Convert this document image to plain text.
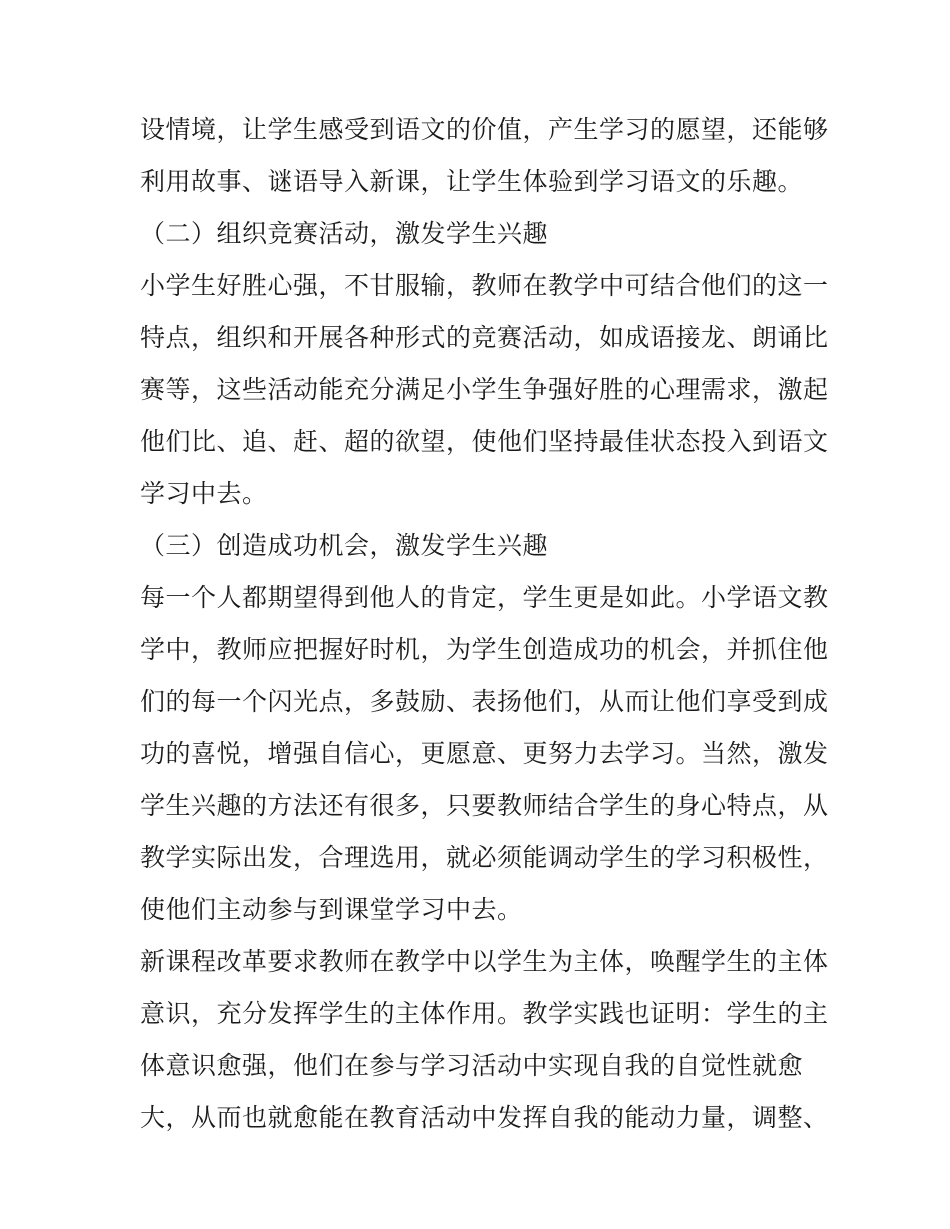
设情境，让学生感受到语文的价值，产生学习的愿望，还能够
利用故事、谜语导入新课，让学生体验到学习语文的乐趣。
（二）组织竞赛活动，激发学生兴趣
小学生好胜心强，不甘服输，教师在教学中可结合他们的这一
特点，组织和开展各种形式的竞赛活动，如成语接龙、朗诵比
赛等，这些活动能充分满足小学生争强好胜的心理需求，激起
他们比、追、赶、超的欲望，使他们坚持最佳状态投入到语文
学习中去。
（三）创造成功机会，激发学生兴趣
每一个人都期望得到他人的肯定，学生更是如此。小学语文教
学中，教师应把握好时机，为学生创造成功的机会，并抓住他
们的每一个闪光点，多鼓励、表扬他们，从而让他们享受到成
功的喜悦，增强自信心，更愿意、更努力去学习。当然，激发
学生兴趣的方法还有很多，只要教师结合学生的身心特点，从
教学实际出发，合理选用，就必须能调动学生的学习积极性，
使他们主动参与到课堂学习中去。
新课程改革要求教师在教学中以学生为主体，唤醒学生的主体
意识，充分发挥学生的主体作用。教学实践也证明：学生的主
体意识愈强，他们在参与学习活动中实现自我的自觉性就愈
大，从而也就愈能在教育活动中发挥自我的能动力量，调整、
